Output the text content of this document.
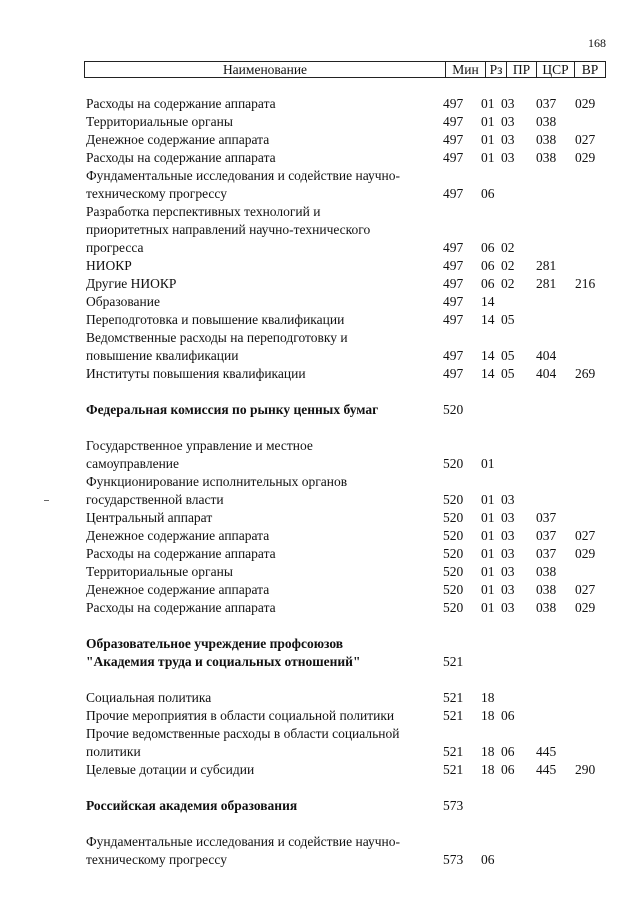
168
Наименование	Мин Рз ПР ЦСР ВР
Расходы на содержание аппарата	497 01 03 037 029
Территориальные органы	497 01 03 038
Денежное содержание аппарата	497 01 03 038 027
Расходы на содержание аппарата	497 01 03 038 029
Фундаментальные исследования и содействие научно-
техническому прогрессу	497 06
Разработка перспективных технологий и
приоритетных направлений научно-технического
прогресса	497 06 02
НИОКР	497 06 02 281
Другие НИОКР	497 06 02 281 216
Образование	497 14
Переподготовка и повышение квалификации	497 14 05
Ведомственные расходы на переподготовку и
повышение квалификации	497 14 05 404
Институты повышения квалификации	497 14 05 404 269
Федеральная комиссия по рынку ценных бумаг	520
Государственное управление и местное
самоуправление	520 01
Функционирование исполнительных органов
государственной власти	520 01 03
Центральный аппарат	520 01 03 037
Денежное содержание аппарата	520 01 03 037 027
Расходы на содержание аппарата	520 01 03 037 029
Территориальные органы	520 01 03 038
Денежное содержание аппарата	520 01 03 038 027
Расходы на содержание аппарата	520 01 03 038 029
Образовательное учреждение профсоюзов
"Академия труда и социальных отношений"	521
Социальная политика	521 18
Прочие мероприятия в области социальной политики	521 18 06
Прочие ведомственные расходы в области социальной
политики	521 18 06 445
Целевые дотации и субсидии	521 18 06 445 290
Российская академия образования	573
Фундаментальные исследования и содействие научно-
техническому прогрессу	573 06
